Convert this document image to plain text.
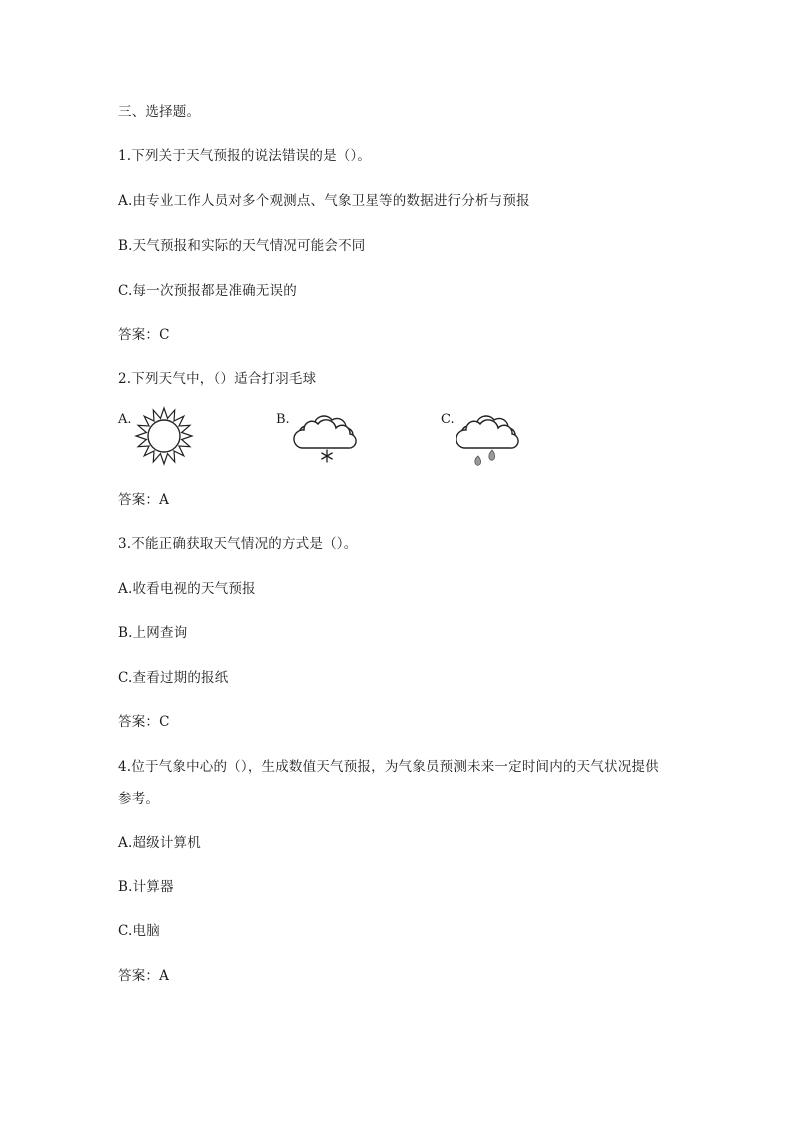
三、选择题。
1.下列关于天气预报的说法错误的是（）。
A.由专业工作人员对多个观测点、气象卫星等的数据进行分析与预报
B.天气预报和实际的天气情况可能会不同
C.每一次预报都是准确无误的
答案：C
2.下列天气中，（）适合打羽毛球
A.	B.	C.
答案：A
3.不能正确获取天气情况的方式是（）。
A.收看电视的天气预报
B.上网查询
C.查看过期的报纸
答案：C
4.位于气象中心的（），生成数值天气预报，为气象员预测未来一定时间内的天气状况提供
参考。
A.超级计算机
B.计算器
C.电脑
答案：A
